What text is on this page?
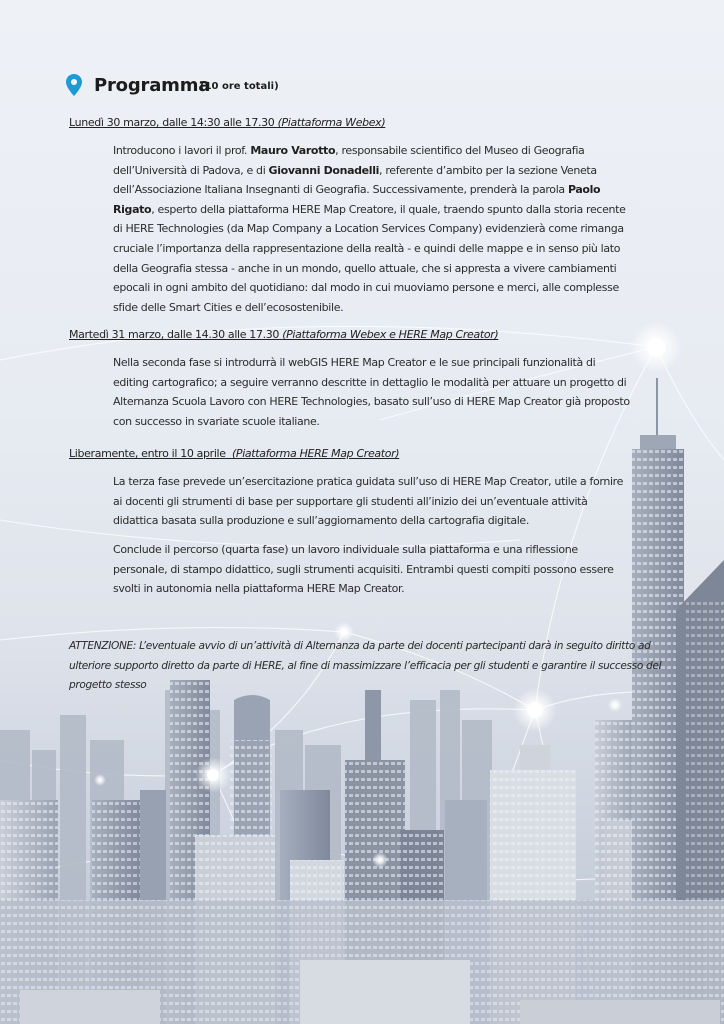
Programma
(10 ore totali)
Lunedì 30 marzo, dalle 14:30 alle 17.30 (Piattaforma Webex)

Introducono i lavori il prof. Mauro Varotto, responsabile scientifico del Museo di Geografia dell’Università di Padova, e di Giovanni Donadelli, referente d’ambito per la sezione Veneta dell’Associazione Italiana Insegnanti di Geografia. Successivamente, prenderà la parola Paolo Rigato, esperto della piattaforma HERE Map Creatore, il quale, traendo spunto dalla storia recente di HERE Technologies (da Map Company a Location Services Company) evidenzierà come rimanga cruciale l’importanza della rappresentazione della realtà - e quindi delle mappe e in senso più lato della Geografia stessa - anche in un mondo, quello attuale, che si appresta a vivere cambiamenti epocali in ogni ambito del quotidiano: dal modo in cui muoviamo persone e merci, alle complesse sfide delle Smart Cities e dell’ecosostenibile.

Martedì 31 marzo, dalle 14.30 alle 17.30 (Piattaforma Webex e HERE Map Creator)

Nella seconda fase si introdurrà il webGIS HERE Map Creator e le sue principali funzionalità di editing cartografico; a seguire verranno descritte in dettaglio le modalità per attuare un progetto di Alternanza Scuola Lavoro con HERE Technologies, basato sull’uso di HERE Map Creator già proposto con successo in svariate scuole italiane.

Liberamente, entro il 10 aprile (Piattaforma HERE Map Creator)

La terza fase prevede un’esercitazione pratica guidata sull’uso di HERE Map Creator, utile a fornire ai docenti gli strumenti di base per supportare gli studenti all’inizio dei un’eventuale attività didattica basata sulla produzione e sull’aggiornamento della cartografia digitale.

Conclude il percorso (quarta fase) un lavoro individuale sulla piattaforma e una riflessione personale, di stampo didattico, sugli strumenti acquisiti. Entrambi questi compiti possono essere svolti in autonomia nella piattaforma HERE Map Creator.

ATTENZIONE: L’eventuale avvio di un’attività di Alternanza da parte dei docenti partecipanti darà in seguito diritto ad ulteriore supporto diretto da parte di HERE, al fine di massimizzare l’efficacia per gli studenti e garantire il successo del progetto stesso
